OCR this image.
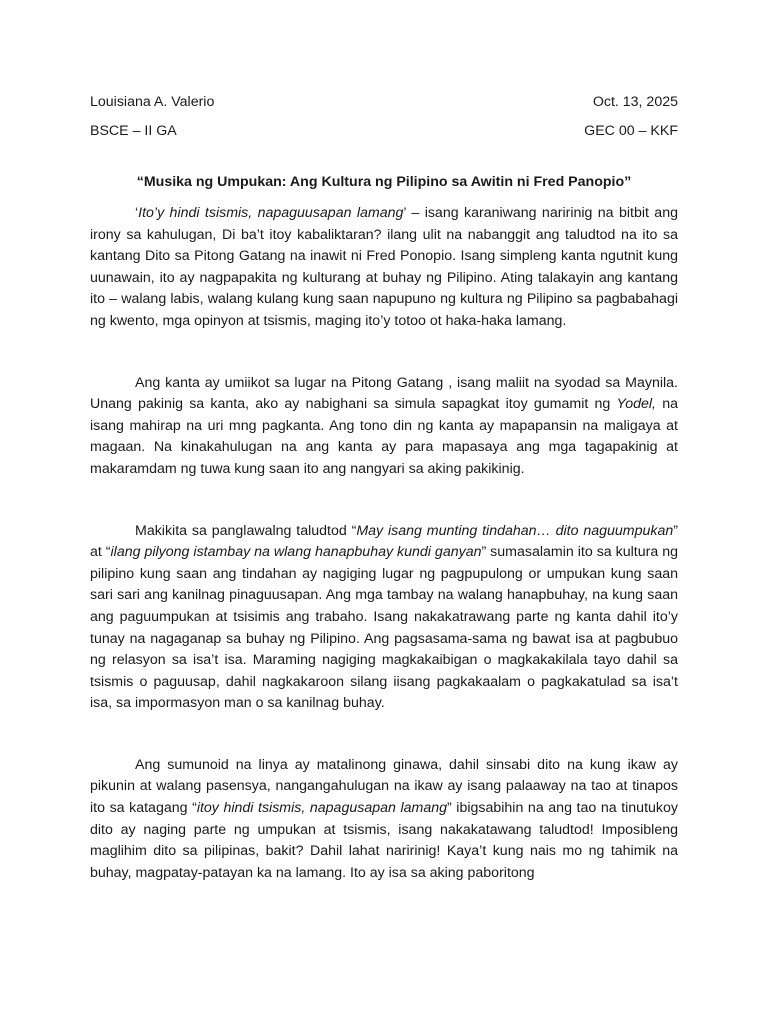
Louisiana A. Valerio	Oct. 13, 2025
BSCE – II GA	GEC 00 – KKF
“Musika ng Umpukan: Ang Kultura ng Pilipino sa Awitin ni Fred Panopio”

‘Ito’y hindi tsismis, napaguusapan lamang’ – isang karaniwang naririnig na bitbit ang irony sa kahulugan, Di ba’t itoy kabaliktaran? ilang ulit na nabanggit ang taludtod na ito sa kantang Dito sa Pitong Gatang na inawit ni Fred Ponopio. Isang simpleng kanta ngutnit kung uunawain, ito ay nagpapakita ng kulturang at buhay ng Pilipino. Ating talakayin ang kantang ito – walang labis, walang kulang kung saan napupuno ng kultura ng Pilipino sa pagbabahagi ng kwento, mga opinyon at tsismis, maging ito’y totoo ot haka-haka lamang.

Ang kanta ay umiikot sa lugar na Pitong Gatang , isang maliit na syodad sa Maynila. Unang pakinig sa kanta, ako ay nabighani sa simula sapagkat itoy gumamit ng Yodel, na isang mahirap na uri mng pagkanta. Ang tono din ng kanta ay mapapansin na maligaya at magaan. Na kinakahulugan na ang kanta ay para mapasaya ang mga tagapakinig at makaramdam ng tuwa kung saan ito ang nangyari sa aking pakikinig.

Makikita sa panglawalng taludtod “May isang munting tindahan… dito naguumpukan” at “ilang pilyong istambay na wlang hanapbuhay kundi ganyan” sumasalamin ito sa kultura ng pilipino kung saan ang tindahan ay nagiging lugar ng pagpupulong or umpukan kung saan sari sari ang kanilnag pinaguusapan. Ang mga tambay na walang hanapbuhay, na kung saan ang paguumpukan at tsisimis ang trabaho. Isang nakakatrawang parte ng kanta dahil ito’y tunay na nagaganap sa buhay ng Pilipino. Ang pagsasama-sama ng bawat isa at pagbubuo ng relasyon sa isa’t isa. Maraming nagiging magkakaibigan o magkakakilala tayo dahil sa tsismis o paguusap, dahil nagkakaroon silang iisang pagkakaalam o pagkakatulad sa isa’t isa, sa impormasyon man o sa kanilnag buhay.

Ang sumunoid na linya ay matalinong ginawa, dahil sinsabi dito na kung ikaw ay pikunin at walang pasensya, nangangahulugan na ikaw ay isang palaaway na tao at tinapos ito sa katagang “itoy hindi tsismis, napagusapan lamang” ibigsabihin na ang tao na tinutukoy dito ay naging parte ng umpukan at tsismis, isang nakakatawang taludtod! Imposibleng maglihim dito sa pilipinas, bakit? Dahil lahat naririnig! Kaya’t kung nais mo ng tahimik na buhay, magpatay-patayan ka na lamang. Ito ay isa sa aking paboritong
